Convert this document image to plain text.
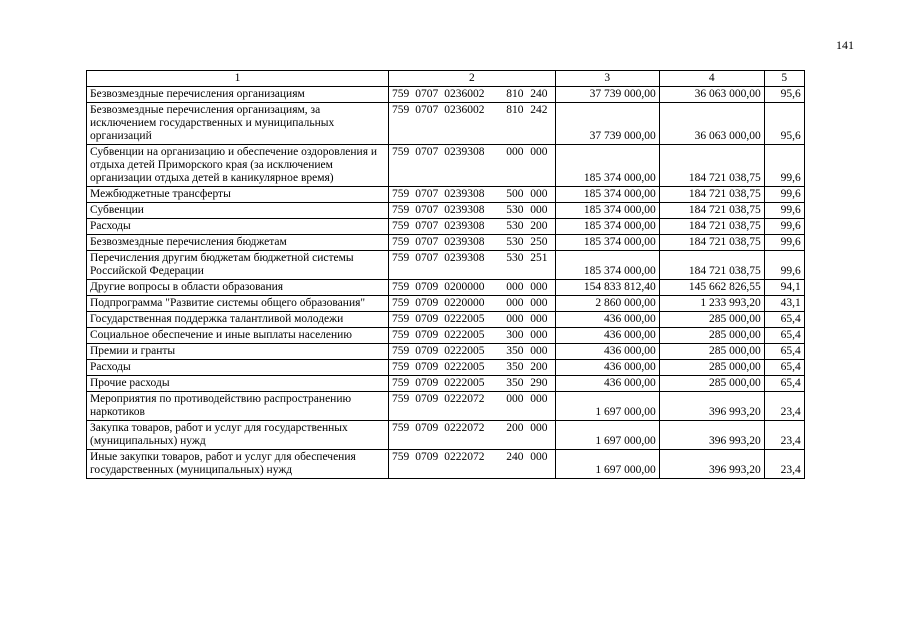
141
1	2					3	4	5
Безвозмездные перечисления организациям	759	0707	0236002	810	240	37 739 000,00	36 063 000,00	95,6
Безвозмездные перечисления организациям, за исключением государственных и муниципальных организаций	759	0707	0236002	810	242	37 739 000,00	36 063 000,00	95,6
Субвенции на организацию и обеспечение оздоровления и отдыха детей Приморского края (за исключением организации отдыха детей в каникулярное время)	759	0707	0239308	000	000	185 374 000,00	184 721 038,75	99,6
Межбюджетные трансферты	759	0707	0239308	500	000	185 374 000,00	184 721 038,75	99,6
Субвенции	759	0707	0239308	530	000	185 374 000,00	184 721 038,75	99,6
Расходы	759	0707	0239308	530	200	185 374 000,00	184 721 038,75	99,6
Безвозмездные перечисления бюджетам	759	0707	0239308	530	250	185 374 000,00	184 721 038,75	99,6
Перечисления другим бюджетам бюджетной системы Российской Федерации	759	0707	0239308	530	251	185 374 000,00	184 721 038,75	99,6
Другие вопросы в области образования	759	0709	0200000	000	000	154 833 812,40	145 662 826,55	94,1
Подпрограмма "Развитие системы общего образования"	759	0709	0220000	000	000	2 860 000,00	1 233 993,20	43,1
Государственная поддержка талантливой молодежи	759	0709	0222005	000	000	436 000,00	285 000,00	65,4
Социальное обеспечение и иные выплаты населению	759	0709	0222005	300	000	436 000,00	285 000,00	65,4
Премии и гранты	759	0709	0222005	350	000	436 000,00	285 000,00	65,4
Расходы	759	0709	0222005	350	200	436 000,00	285 000,00	65,4
Прочие расходы	759	0709	0222005	350	290	436 000,00	285 000,00	65,4
Мероприятия по противодействию распространению наркотиков	759	0709	0222072	000	000	1 697 000,00	396 993,20	23,4
Закупка товаров, работ и услуг для государственных (муниципальных) нужд	759	0709	0222072	200	000	1 697 000,00	396 993,20	23,4
Иные закупки товаров, работ и услуг для обеспечения государственных (муниципальных) нужд	759	0709	0222072	240	000	1 697 000,00	396 993,20	23,4
